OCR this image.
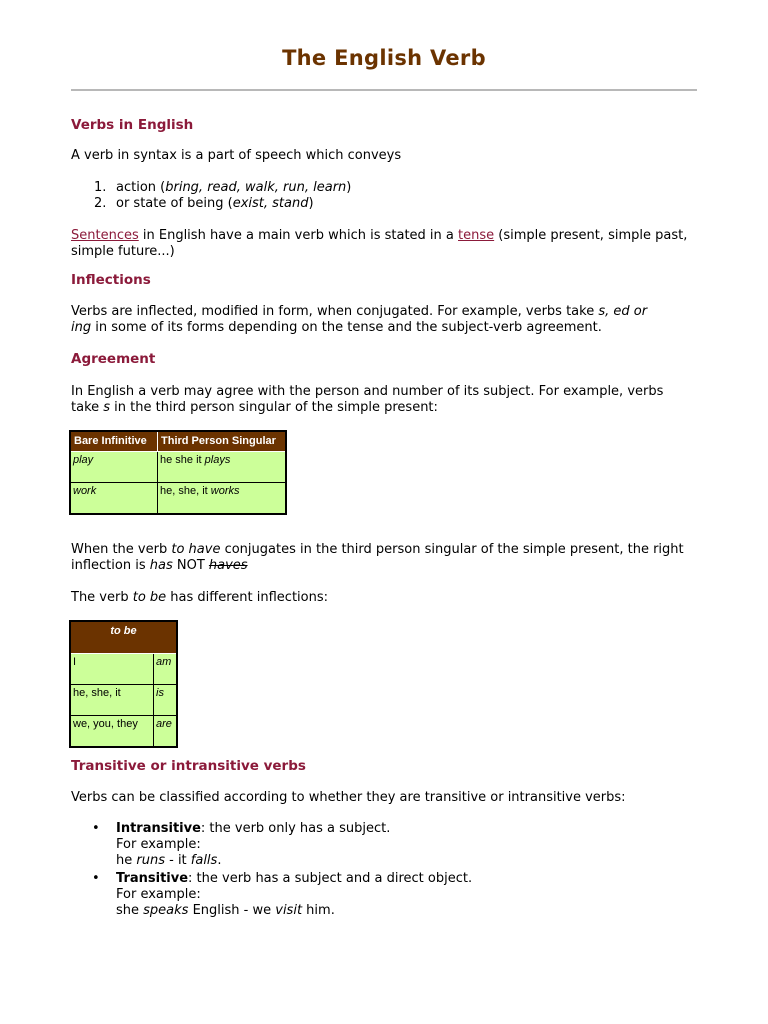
The English Verb
Verbs in English

A verb in syntax is a part of speech which conveys

1. action (bring, read, walk, run, learn)

2. or state of being (exist, stand)

Sentences in English have a main verb which is stated in a tense (simple present, simple past, simple future...)

Inflections

Verbs are inflected, modified in form, when conjugated. For example, verbs take s, ed or ing in some of its forms depending on the tense and the subject-verb agreement.

Agreement

In English a verb may agree with the person and number of its subject. For example, verbs take s in the third person singular of the simple present:

Bare Infinitive	Third Person Singular
play	he she it plays
work	he, she, it works

When the verb to have conjugates in the third person singular of the simple present, the right inflection is has NOT haves

The verb to be has different inflections:

to be	
I	am
he, she, it	is
we, you, they	are
Transitive or intransitive verbs

Verbs can be classified according to whether they are transitive or intransitive verbs:

•	Intransitive: the verb only has a subject.
For example:
he runs - it falls.
•	Transitive: the verb has a subject and a direct object.
For example:
she speaks English - we visit him.
